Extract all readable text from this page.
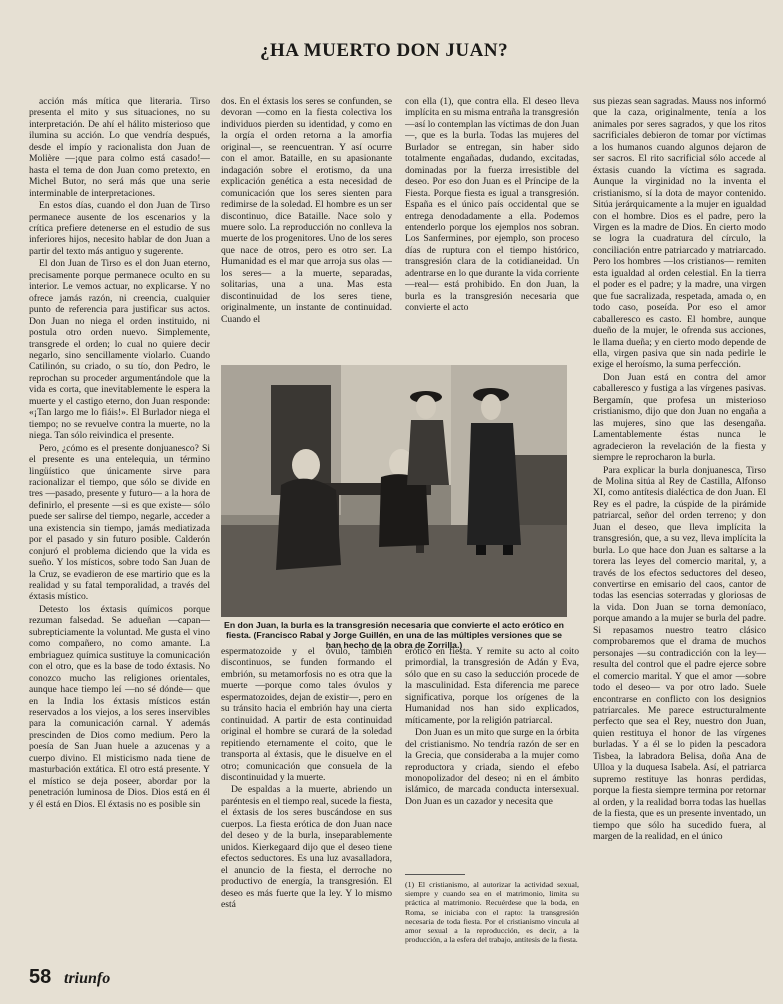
¿HA MUERTO DON JUAN?

acción más mítica que literaria. Tirso presenta el mito y sus situaciones, no su interpretación. De ahí el hálito misterioso que ilumina su acción. Lo que vendría después, desde el impío y racionalista don Juan de Molière —¡que para colmo está casado!— hasta el tema de don Juan como pretexto, en Michel Butor, no será más que una serie interminable de interpretaciones.

En estos días, cuando el don Juan de Tirso permanece ausente de los escenarios y la crítica prefiere detenerse en el estudio de sus inferiores hijos, necesito hablar de don Juan a partir del texto más antiguo y sugerente.

El don Juan de Tirso es el don Juan eterno, precisamente porque permanece oculto en su interior. Le vemos actuar, no explicarse. Y no ofrece jamás razón, ni creencia, cualquier punto de referencia para justificar sus actos. Don Juan no niega el orden instituido, ni postula otro orden nuevo. Simplemente, transgrede el orden; lo cual no quiere decir negarlo, sino sencillamente violarlo. Cuando Catilinón, su criado, o su tío, don Pedro, le reprochan su proceder argumentándole que la vida es corta, que inevitablemente le espera la muerte y el castigo eterno, don Juan responde: «¡Tan largo me lo fiáis!». El Burlador niega el tiempo; no se revuelve contra la muerte, no la niega. Tan sólo reivindica el presente.

Pero, ¿cómo es el presente donjuanesco? Si el presente es una entelequia, un término lingüístico que únicamente sirve para racionalizar el tiempo, que sólo se divide en tres —pasado, presente y futuro— a la hora de definirlo, el presente —si es que existe— sólo puede ser salirse del tiempo, negarle, acceder a una existencia sin tiempo, jamás mediatizada por el pasado y sin futuro posible. Calderón conjuró el problema diciendo que la vida es sueño. Y los místicos, sobre todo San Juan de la Cruz, se evadieron de ese martirio que es la realidad y su fatal temporalidad, a través del éxtasis místico.

Detesto los éxtasis químicos porque rezuman falsedad. Se adueñan —capan— subrepticiamente la voluntad. Me gusta el vino como compañero, no como amante. La embriaguez química sustituye la comunicación con el otro, que es la base de todo éxtasis. No conozco mucho las religiones orientales, aunque hace tiempo leí —no sé dónde— que en la India los éxtasis místicos están reservados a los viejos, a los seres inservibles para la comunicación carnal. Y además prescinden de Dios como medium. Pero la poesía de San Juan huele a azucenas y a cuerpo divino. El misticismo nada tiene de masturbación extática. El otro está presente. Y el místico se deja poseer, abordar por la penetración luminosa de Dios. Dios está en él y él está en Dios. El éxtasis no es posible sin

dos. En el éxtasis los seres se confunden, se devoran —como en la fiesta colectiva los individuos pierden su identidad, y como en la orgía el orden retorna a la amorfia original—, se reencuentran. Y así ocurre con el amor. Bataille, en su apasionante indagación sobre el erotismo, da una explicación genética a esta necesidad de comunicación que los seres sienten para redimirse de la soledad. El hombre es un ser discontinuo, dice Bataille. Nace solo y muere solo. La reproducción no conlleva la muerte de los progenitores. Uno de los seres que nace de otros, pero es otro ser. La Humanidad es el mar que arroja sus olas —los seres— a la muerte, separadas, solitarias, una a una. Mas esta discontinuidad de los seres tiene, originalmente, un instante de continuidad. Cuando el

con ella (1), que contra ella. El deseo lleva implícita en su misma entraña la transgresión —así lo contemplan las víctimas de don Juan—, que es la burla. Todas las mujeres del Burlador se entregan, sin haber sido totalmente engañadas, dudando, excitadas, dominadas por la fuerza irresistible del deseo. Por eso don Juan es el Príncipe de la Fiesta. Porque fiesta es igual a transgresión. España es el único país occidental que se entrega denodadamente a ella. Podemos entenderlo porque los ejemplos nos sobran. Los Sanfermines, por ejemplo, son proceso días de ruptura con el tiempo histórico, transgresión clara de la cotidianeidad. Un adentrarse en lo que durante la vida corriente —real— está prohibido. En don Juan, la burla es la transgresión necesaria que convierte el acto

sus piezas sean sagradas. Mauss nos informó que la caza, originalmente, tenía a los animales por seres sagrados, y que los ritos sacrificiales debieron de tomar por víctimas a los humanos cuando algunos dejaron de ser sacros. El rito sacrificial sólo accede al éxtasis cuando la víctima es sagrada. Aunque la virginidad no la inventa el cristianismo, sí la dota de mayor contenido. Sitúa jerárquicamente a la mujer en igualdad con el hombre. Dios es el padre, pero la Virgen es la madre de Dios. En cierto modo se logra la cuadratura del círculo, la conciliación entre patriarcado y matriarcado. Pero los hombres —los cristianos— remiten esta igualdad al orden celestial. En la tierra el poder es el padre; y la madre, una virgen que fue sacralizada, respetada, amada o, en todo caso, poseída. Por eso el amor caballeresco es casto. El hombre, aunque dueño de la mujer, le ofrenda sus acciones, le llama dueña; y en cierto modo depende de ella, virgen pasiva que sin nada pedirle le exige el heroísmo, la suma perfección.

Don Juan está en contra del amor caballeresco y fustiga a las vírgenes pasivas. Bergamín, que profesa un misterioso cristianismo, dijo que don Juan no engaña a las mujeres, sino que las desengaña. Lamentablemente éstas nunca le agradecieron la revelación de la fiesta y siempre le reprocharon la burla.

Para explicar la burla donjuanesca, Tirso de Molina sitúa al Rey de Castilla, Alfonso XI, como antítesis dialéctica de don Juan. El Rey es el padre, la cúspide de la pirámide patriarcal, señor del orden terreno; y don Juan el deseo, que lleva implícita la transgresión, que, a su vez, lleva implícita la burla. Lo que hace don Juan es saltarse a la torera las leyes del comercio marital, y, a través de los efectos seductores del deseo, convertirse en emisario del caos, cantor de todas las esencias soterradas y gloriosas de la vida. Don Juan se torna demoníaco, porque amando a la mujer se burla del padre. Si repasamos nuestro teatro clásico comprobaremos que el drama de muchos personajes —su contradicción con la ley— resulta del control que el padre ejerce sobre el comercio marital. Y que el amor —sobre todo el deseo— va por otro lado. Suele encontrarse en conflicto con los designios patriarcales. Me parece estructuralmente perfecto que sea el Rey, nuestro don Juan, quien restituya el honor de las vírgenes burladas. Y a él se lo piden la pescadora Tisbea, la labradora Belisa, doña Ana de Ulloa y la duquesa Isabela. Así, el patriarca supremo restituye las honras perdidas, porque la fiesta siempre termina por retornar al orden, y la realidad borra todas las huellas de la fiesta, que es un presente inventado, un tiempo que sólo ha sucedido fuera, al margen de la realidad, en el único

En don Juan, la burla es la transgresión necesaria que convierte el acto erótico en fiesta. (Francisco Rabal y Jorge Guillén, en una de las múltiples versiones que se han hecho de la obra de Zorrilla.)

espermatozoide y el óvulo, también discontinuos, se funden formando el embrión, su metamorfosis no es otra que la muerte —porque como tales óvulos y espermatozoides, dejan de existir—, pero en su tránsito hacia el embrión hay una cierta continuidad. A partir de esta continuidad original el hombre se curará de la soledad repitiendo eternamente el coito, que le transporta al éxtasis, que le disuelve en el otro; comunicación que consuela de la discontinuidad y la muerte.

De espaldas a la muerte, abriendo un paréntesis en el tiempo real, sucede la fiesta, el éxtasis de los seres buscándose en sus cuerpos. La fiesta erótica de don Juan nace del deseo y de la burla, inseparablemente unidos. Kierkegaard dijo que el deseo tiene efectos seductores. Es una luz avasalladora, el anuncio de la fiesta, el derroche no productivo de energía, la transgresión. El deseo es más fuerte que la ley. Y lo mismo está

erótico en fiesta. Y remite su acto al coito primordial, la transgresión de Adán y Eva, sólo que en su caso la seducción procede de la masculinidad. Esta diferencia me parece significativa, porque los orígenes de la Humanidad nos han sido explicados, míticamente, por la religión patriarcal.

Don Juan es un mito que surge en la órbita del cristianismo. No tendría razón de ser en la Grecia, que consideraba a la mujer como reproductora y criada, siendo el efebo monopolizador del deseo; ni en el ámbito islámico, de marcada conducta intersexual. Don Juan es un cazador y necesita que

(1) El cristianismo, al autorizar la actividad sexual, siempre y cuando sea en el matrimonio, limita su práctica al matrimonio. Recuérdese que la boda, en Roma, se iniciaba con el rapto: la transgresión necesaria de toda fiesta. Por el cristianismo vincula al amor sexual a la reproducción, es decir, a la producción, a la esfera del trabajo, antítesis de la fiesta.
58 triunfo
